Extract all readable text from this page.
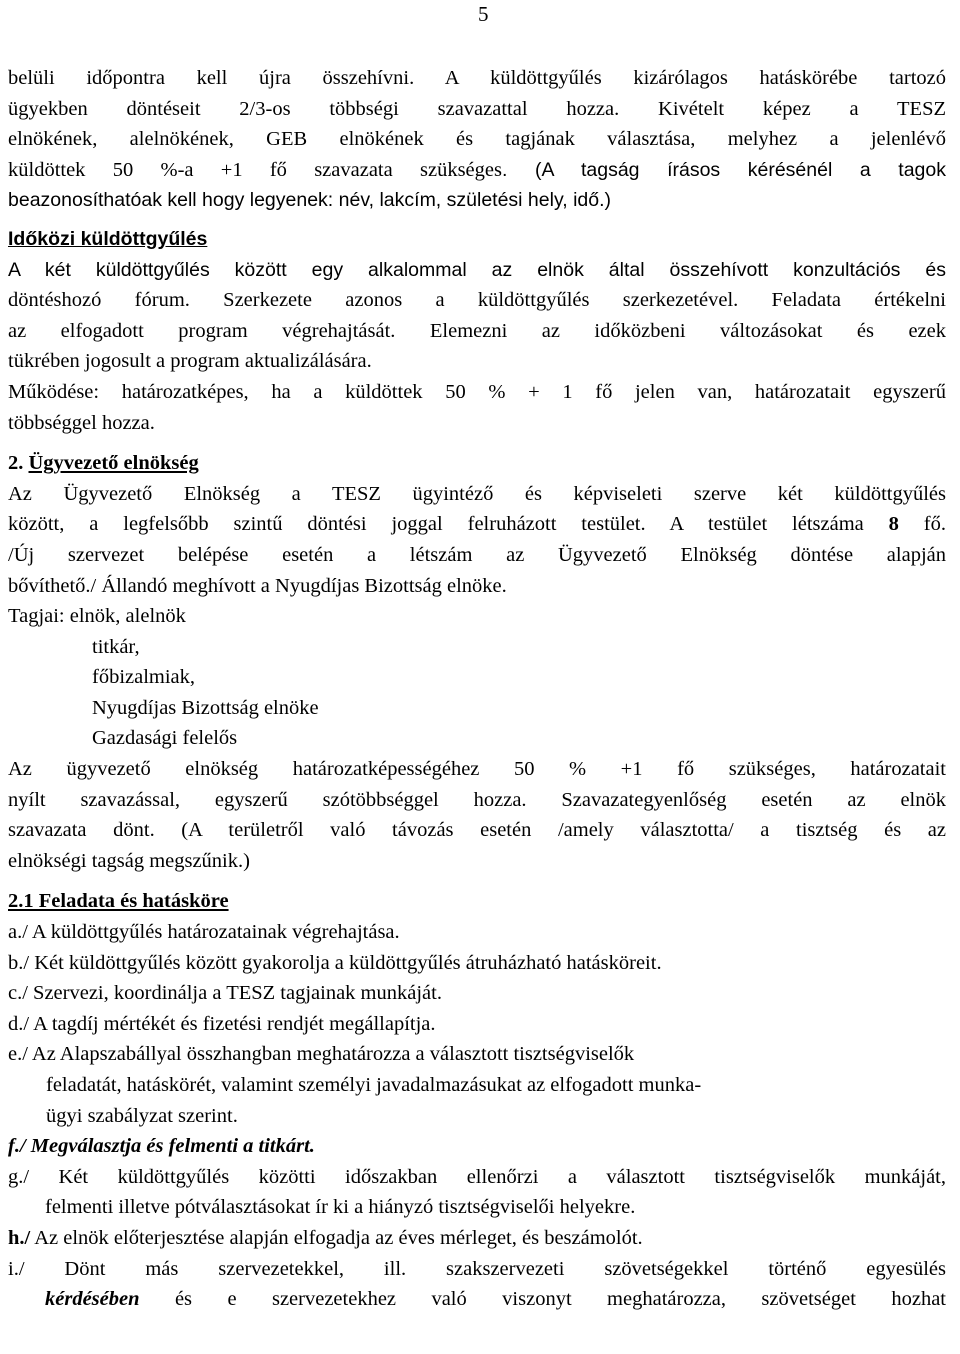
5
belüli időpontra kell újra összehívni. A küldöttgyűlés kizárólagos hatáskörébe tartozó
ügyekben döntéseit 2/3-os többségi szavazattal hozza. Kivételt képez a TESZ
elnökének, alelnökének, GEB elnökének és tagjának választása, melyhez a jelenlévő
küldöttek 50 %-a +1 fő szavazata szükséges. (A tagság írásos kérésénél a tagok
beazonosíthatóak kell hogy legyenek: név, lakcím, születési hely, idő.)
Időközi küldöttgyűlés
A két küldöttgyűlés között egy alkalommal az elnök által összehívott konzultációs és
döntéshozó fórum. Szerkezete azonos a küldöttgyűlés szerkezetével. Feladata értékelni
az elfogadott program végrehajtását. Elemezni az időközbeni változásokat és ezek
tükrében jogosult a program aktualizálására.
Működése: határozatképes, ha a küldöttek 50 % + 1 fő jelen van, határozatait egyszerű
többséggel hozza.
2. Ügyvezető elnökség
Az Ügyvezető Elnökség a TESZ ügyintéző és képviseleti szerve két küldöttgyűlés
között, a legfelsőbb szintű döntési joggal felruházott testület. A testület létszáma 8 fő.
/Új szervezet belépése esetén a létszám az Ügyvezető Elnökség döntése alapján
bővíthető./ Állandó meghívott a Nyugdíjas Bizottság elnöke.
Tagjai: elnök, alelnök
titkár,
főbizalmiak,
Nyugdíjas Bizottság elnöke
Gazdasági felelős
Az ügyvezető elnökség határozatképességéhez 50 % +1 fő szükséges, határozatait
nyílt szavazással, egyszerű szótöbbséggel hozza. Szavazategyenlőség esetén az elnök
szavazata dönt. (A területről való távozás esetén /amely választotta/ a tisztség és az
elnökségi tagság megszűnik.)
2.1 Feladata és hatásköre
a./ A küldöttgyűlés határozatainak végrehajtása.
b./ Két küldöttgyűlés között gyakorolja a küldöttgyűlés átruházható hatásköreit.
c./ Szervezi, koordinálja a TESZ tagjainak munkáját.
d./ A tagdíj mértékét és fizetési rendjét megállapítja.
e./ Az Alapszabállyal összhangban meghatározza a választott tisztségviselők
feladatát, hatáskörét, valamint személyi javadalmazásukat az elfogadott munka-
ügyi szabályzat szerint.
f./ Megválasztja és felmenti a titkárt.
g./ Két küldöttgyűlés közötti időszakban ellenőrzi a választott tisztségviselők munkáját,
felmenti illetve pótválasztásokat ír ki a hiányzó tisztségviselői helyekre.
h./ Az elnök előterjesztése alapján elfogadja az éves mérleget, és beszámolót.
i./ Dönt más szervezetekkel, ill. szakszervezeti szövetségekkel történő egyesülés
kérdésében és e szervezetekhez való viszonyt meghatározza, szövetséget hozhat
